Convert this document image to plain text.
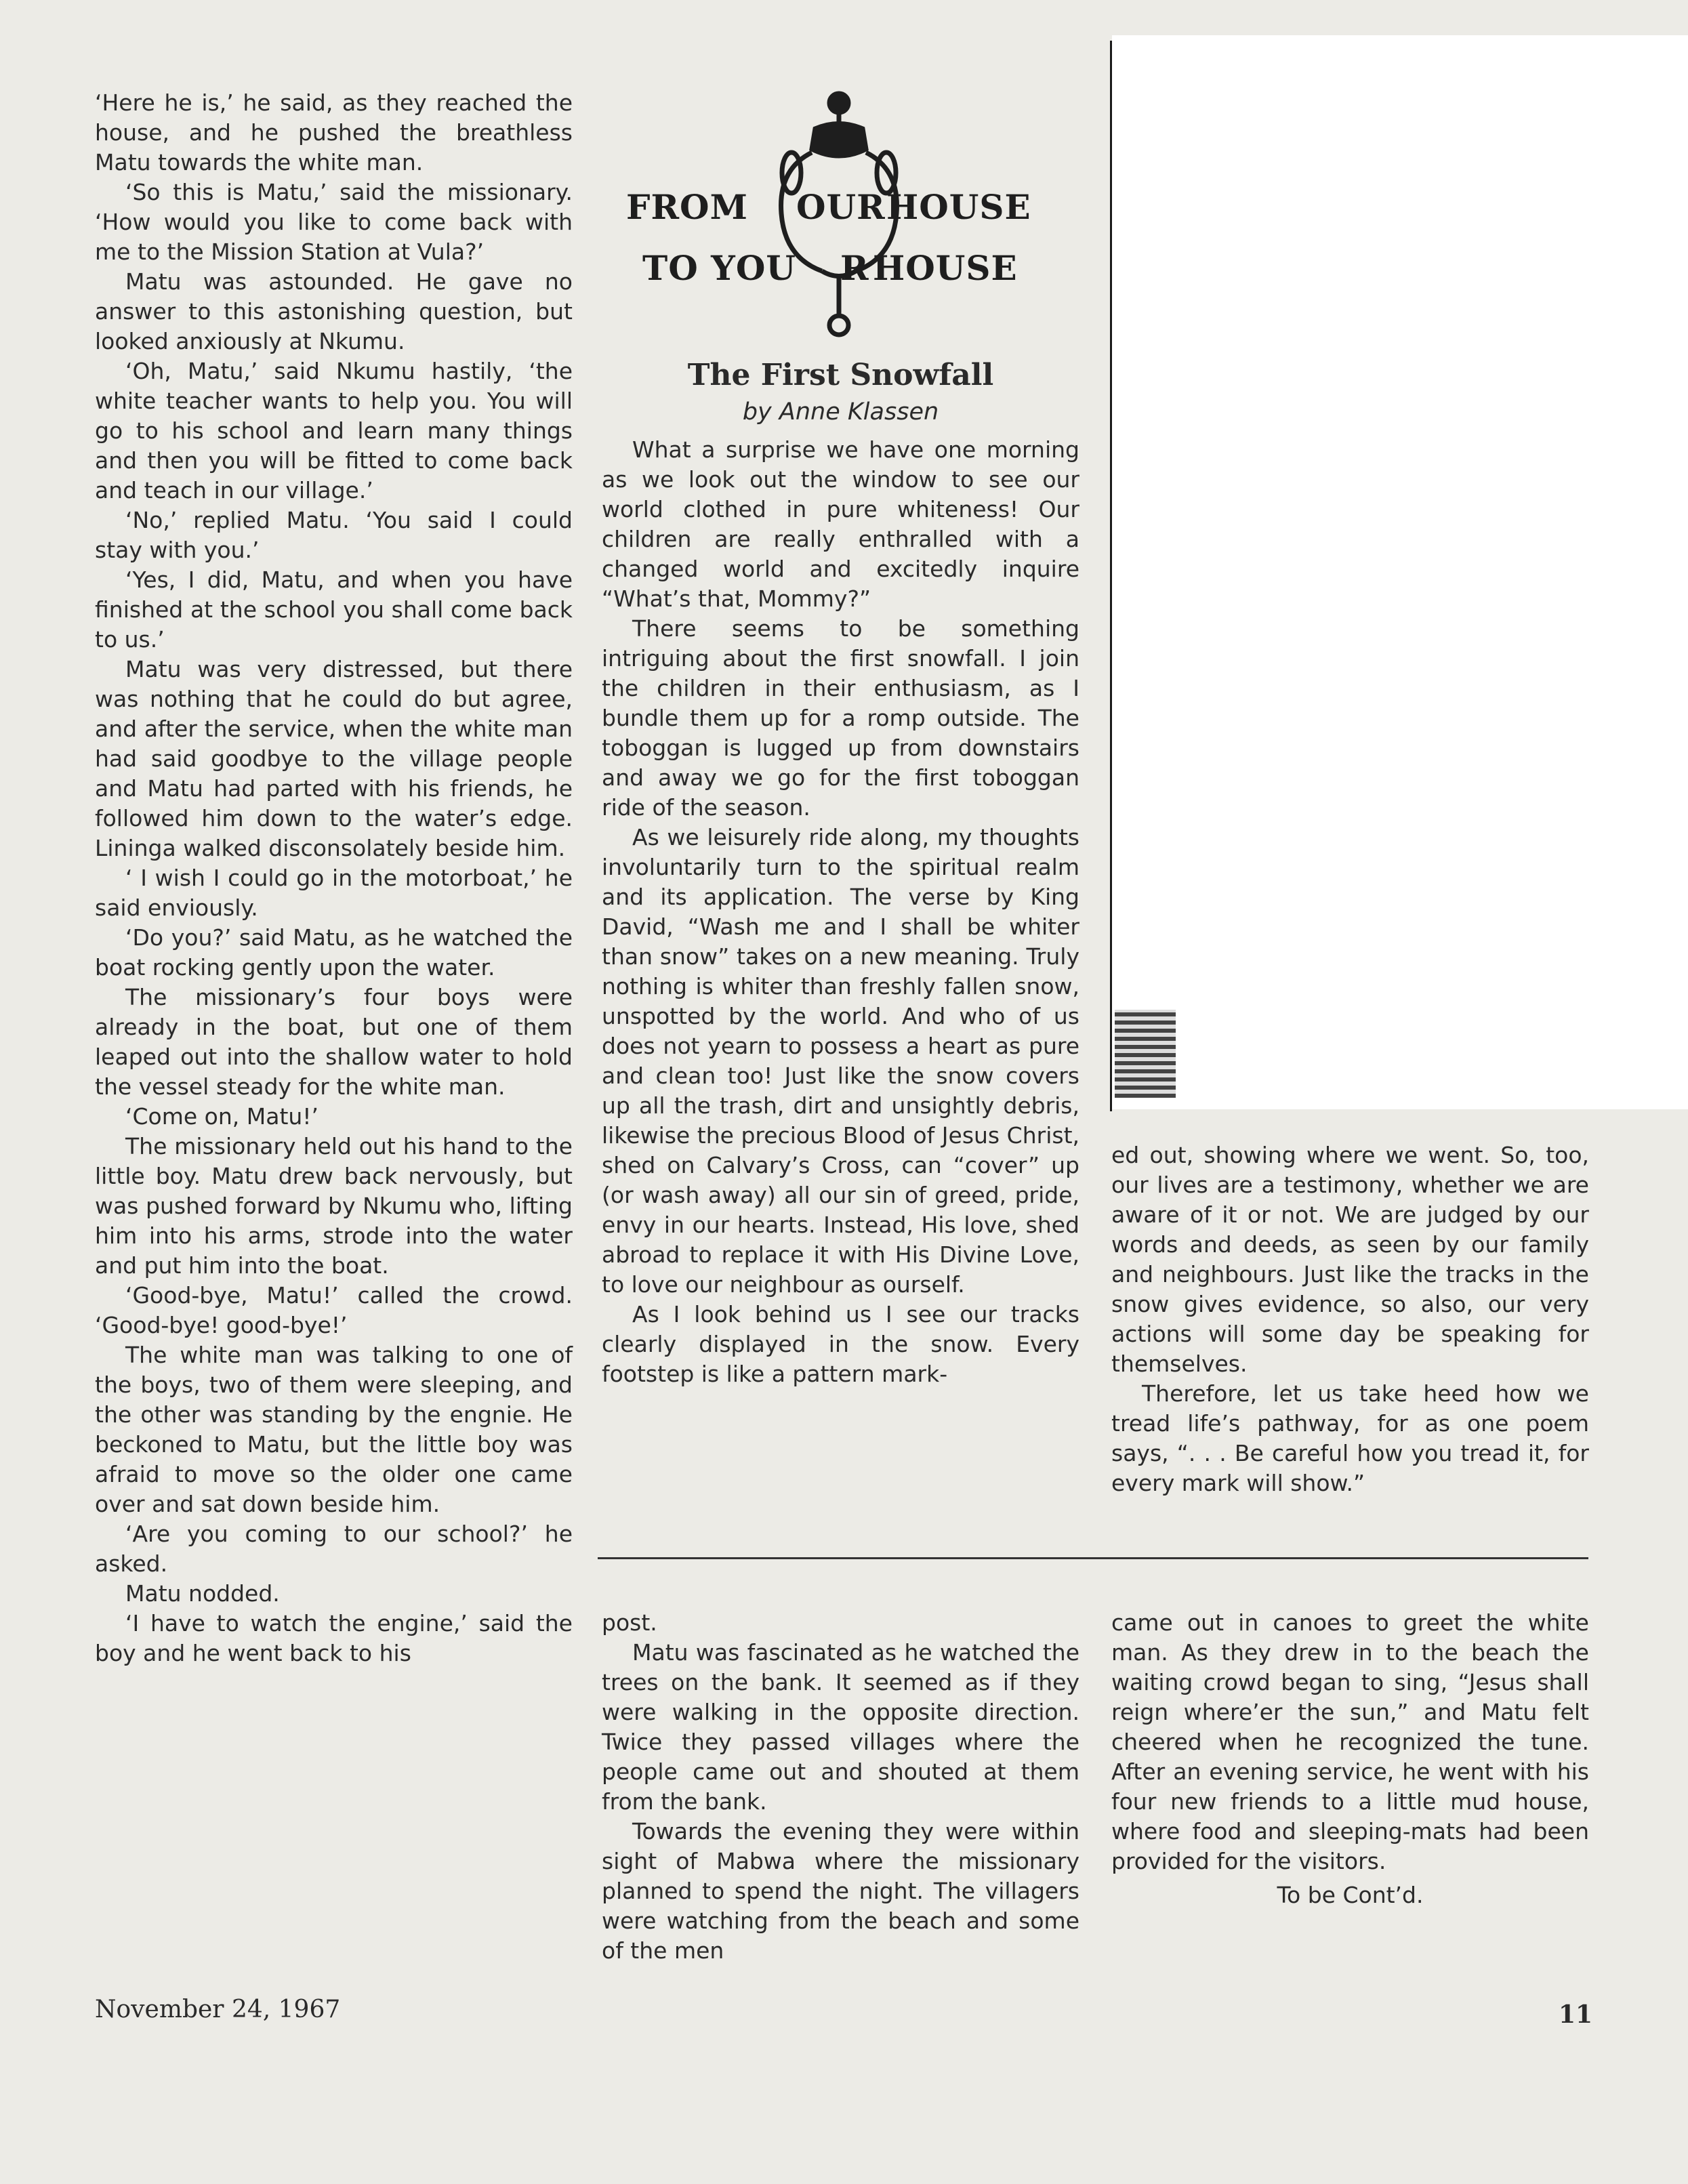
‘Here he is,’ he said, as they reached the house, and he pushed the breathless Matu towards the white man.

‘So this is Matu,’ said the missionary. ‘How would you like to come back with me to the Mission Station at Vula?’

Matu was astounded. He gave no answer to this astonishing question, but looked anxiously at Nkumu.

‘Oh, Matu,’ said Nkumu hastily, ‘the white teacher wants to help you. You will go to his school and learn many things and then you will be fitted to come back and teach in our village.’

‘No,’ replied Matu. ‘You said I could stay with you.’

‘Yes, I did, Matu, and when you have finished at the school you shall come back to us.’

Matu was very distressed, but there was nothing that he could do but agree, and after the service, when the white man had said goodbye to the village people and Matu had parted with his friends, he followed him down to the water’s edge. Lininga walked disconsolately beside him.

‘ I wish I could go in the motorboat,’ he said enviously.

‘Do you?’ said Matu, as he watched the boat rocking gently upon the water.

The missionary’s four boys were already in the boat, but one of them leaped out into the shallow water to hold the vessel steady for the white man.

‘Come on, Matu!’

The missionary held out his hand to the little boy. Matu drew back nervously, but was pushed forward by Nkumu who, lifting him into his arms, strode into the water and put him into the boat.

‘Good-bye, Matu!’ called the crowd. ‘Good-bye! good-bye!’

The white man was talking to one of the boys, two of them were sleeping, and the other was standing by the engnie. He beckoned to Matu, but the little boy was afraid to move so the older one came over and sat down beside him.

‘Are you coming to our school?’ he asked.

Matu nodded.

‘I have to watch the engine,’ said the boy and he went back to his

FROM OUR HOUSE
TO YOU R HOUSE
The First Snowfall
by Anne Klassen

What a surprise we have one morning as we look out the window to see our world clothed in pure whiteness! Our children are really enthralled with a changed world and excitedly inquire “What’s that, Mommy?”

There seems to be something intriguing about the first snowfall. I join the children in their enthusiasm, as I bundle them up for a romp outside. The toboggan is lugged up from downstairs and away we go for the first toboggan ride of the season.

As we leisurely ride along, my thoughts involuntarily turn to the spiritual realm and its application. The verse by King David, “Wash me and I shall be whiter than snow” takes on a new meaning. Truly nothing is whiter than freshly fallen snow, unspotted by the world. And who of us does not yearn to possess a heart as pure and clean too! Just like the snow covers up all the trash, dirt and unsightly debris, likewise the precious Blood of Jesus Christ, shed on Calvary’s Cross, can “cover” up (or wash away) all our sin of greed, pride, envy in our hearts. Instead, His love, shed abroad to replace it with His Divine Love, to love our neighbour as ourself.

As I look behind us I see our tracks clearly displayed in the snow. Every footstep is like a pattern mark-

ed out, showing where we went. So, too, our lives are a testimony, whether we are aware of it or not. We are judged by our words and deeds, as seen by our family and neighbours. Just like the tracks in the snow gives evidence, so also, our very actions will some day be speaking for themselves.

Therefore, let us take heed how we tread life’s pathway, for as one poem says, “. . . Be careful how you tread it, for every mark will show.”

post.

Matu was fascinated as he watched the trees on the bank. It seemed as if they were walking in the opposite direction. Twice they passed villages where the people came out and shouted at them from the bank.

Towards the evening they were within sight of Mabwa where the missionary planned to spend the night. The villagers were watching from the beach and some of the men

came out in canoes to greet the white man. As they drew in to the beach the waiting crowd began to sing, “Jesus shall reign where’er the sun,” and Matu felt cheered when he recognized the tune. After an evening service, he went with his four new friends to a little mud house, where food and sleeping-mats had been provided for the visitors.

To be Cont’d.

November 24, 1967	11
